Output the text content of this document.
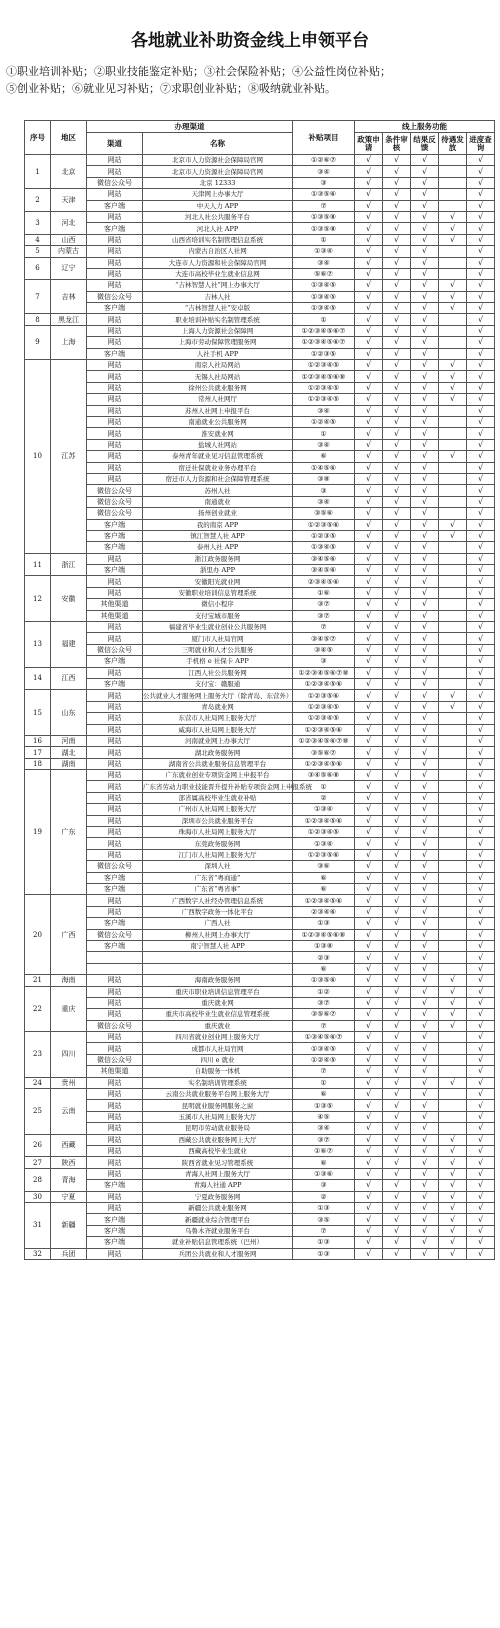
各地就业补助资金线上申领平台
①职业培训补贴；②职业技能鉴定补贴；③社会保险补贴；④公益性岗位补贴；
⑤创业补贴；⑥就业见习补贴；⑦求职创业补贴；⑧吸纳就业补贴。
序号	地区	办理渠道		补贴项目	线上服务功能				
		渠道	名称		政策申请	条件审核	结果反馈	待遇发放	进度查询
1	北京	网站	北京市人力资源社会保障局官网	①②⑥⑦	√	√	√		√
		网站	北京市人力资源社会保障局官网	③④	√	√	√		√
		微信公众号	北京 12333	③	√	√	√		√
2	天津	网站	天津网上办事大厅	①③⑤⑥	√	√	√		√
		客户端	中天人力 APP	⑦	√	√	√		√
3	河北	网站	河北人社公共服务平台	①③⑤⑧	√	√	√	√	√
		客户端	河北人社 APP	①③⑤⑧	√	√	√	√	√
4	山西	网站	山西省培训实名制管理信息系统	①	√	√	√	√	√
5	内蒙古	网站	内蒙古自治区人社网	①③④	√	√	√		√
6	辽宁	网站	大连市人力资源和社会保障局官网	③④	√	√	√		√
		网站	大连市高校毕业生就业信息网	⑤⑥⑦	√	√	√		√
7	吉林	网站	“吉林智慧人社”网上办事大厅	①③④⑤	√	√	√	√	√
		微信公众号	吉林人社	①③④⑤	√	√	√	√	√
		客户端	“吉林智慧人社”安卓版	①③④⑤	√	√	√	√	√
8	黑龙江	网站	职业培训补贴实名制管理系统	①	√	√	√		√
9	上海	网站	上海人力资源社会保障网	①②③④⑤⑥⑦	√	√	√		√
		网站	上海市劳动保障管理服务网	①②③④⑤⑥⑦	√	√	√		√
		客户端	人社手机 APP	①②③⑤	√	√	√		√
10	江苏	网站	南京人社局网站	①②③④⑤	√	√	√	√	√
		网站	无锡人社局网站	①②③④⑤⑥⑧	√	√	√	√	√
		网站	徐州公共就业服务网	①②③④⑤	√	√	√	√	√
		网站	常州人社网厅	①②③④⑤	√	√	√	√	√
		网站	苏州人社网上申报平台	③④	√	√	√		√
		网站	南通就业公共服务网	①②④⑤	√	√	√		√
		网站	淮安就业网	①	√	√	√		√
		网站	盐城人社网站	③④	√	√	√		√
		网站	泰州青年就业见习信息管理系统	⑥	√	√	√	√	√
		网站	宿迁社保就业业务办理平台	①④⑤⑥	√	√	√		√
		网站	宿迁市人力资源和社会保障管理系统	③⑧	√	√	√		√
		微信公众号	苏州人社	③	√	√	√		√
		微信公众号	南通就业	③④	√	√	√		√
		微信公众号	扬州创业就业	③⑤⑥	√	√	√		√
		客户端	我的南京 APP	①②③⑤⑥	√	√	√	√	√
		客户端	镇江智慧人社 APP	①②③⑤	√	√	√	√	√
		客户端	泰州人社 APP	①③④⑤	√	√	√		√
11	浙江	网站	浙江政务服务网	③④⑤⑥	√	√	√		√
		客户端	浙里办 APP	③④⑤⑥	√	√	√		√
12	安徽	网站	安徽阳光就业网	②③④⑤⑥	√	√	√		√
		网站	安徽职业培训信息管理系统	①⑥	√	√	√		√
		其他渠道	微信小程序	③⑦	√	√	√		√
		其他渠道	支付宝城市服务	③⑦	√	√	√		√
13	福建	网站	福建省毕业生就业创业公共服务网	⑦	√	√	√		√
		网站	厦门市人社局官网	③④⑤⑦	√	√	√		√
		微信公众号	三明就业和人才公共服务	③④⑤	√	√	√		√
		客户端	手机格 e 社保卡 APP	③	√	√	√		√
14	江西	网站	江西人社公共服务网	①②③④⑤⑥⑦⑧	√	√	√		√
		客户端	支付宝：赣服通	①②③④⑤⑥	√	√	√		√
15	山东	网站	公共就业人才服务网上服务大厅（除青岛、东营外）	①②③⑤⑥	√	√	√	√	√
		网站	青岛就业网	①②③④⑤	√	√	√	√	√
		网站	东营市人社局网上服务大厅	①②③④⑤	√	√	√		√
		网站	威海市人社局网上服务大厅	①②③④⑤⑥	√	√	√		√
16	河南	网站	河南就业网上办事大厅	①②③④⑤⑥⑦⑧	√	√	√		√
17	湖北	网站	湖北政务服务网	③⑤⑥⑦	√	√	√		√
18	湖南	网站	湖南省公共就业服务信息管理平台	①②③④⑤⑥	√	√	√		√
19	广东	网站	广东就业创业专项资金网上申报平台	③④⑤⑥⑧	√	√	√		√
		网站	广东省劳动力职业技能晋升提升补贴专项资金网上申报系统	①	√	√	√		√
		网站	部省属高校毕业生就业补贴	②	√	√	√		√
		网站	广州市人社局网上服务大厅	①③④	√	√	√		√
		网站	深圳市公共就业服务平台	①②③④⑤⑥	√	√	√		√
		网站	珠海市人社局网上服务大厅	①②③④⑤	√	√	√		√
		网站	东莞政务服务网	①③④	√	√	√		√
		网站	江门市人社局网上服务大厅	①②③⑤⑥	√	√	√		√
		微信公众号	深圳人社	③⑥	√	√	√		√
		客户端	广东省“粤商通”	⑥	√	√	√		√
		客户端	广东省“粤省事”	⑥	√	√	√		√
20	广西	网站	广西数字人社经办管理信息系统	①②③④⑤⑥	√	√	√		√
		网站	广西数字政务一体化平台	②③④⑥	√	√	√		√
		客户端	广西人社	①③	√	√	√		√
		微信公众号	柳州人社网上办事大厅	①②③④⑤⑥⑧	√	√	√		√
		客户端	南宁智慧人社 APP	①③⑧	√	√	√		√
				②③	√	√	√		√
				⑥	√	√	√		√
21	海南	网站	海南政务服务网	①③⑤⑥	√	√	√	√	√
22	重庆	网站	重庆市职业培训信息管理平台	①②	√	√	√	√	√
		网站	重庆就业网	③⑦	√	√	√	√	√
		网站	重庆市高校毕业生就业信息管理系统	③⑤⑥⑦	√	√	√	√	√
		微信公众号	重庆就业	⑦	√	√	√	√	√
23	四川	网站	四川省就业创业网上服务大厅	①③④⑤⑥⑦	√	√	√		√
		网站	成都市人社局官网	①③④⑤	√	√	√		√
		微信公众号	四川 e 就业	①②④⑤	√	√	√		√
		其他渠道	自助服务一体机	⑦	√	√	√		√
24	贵州	网站	实名制培训管理系统	①	√	√	√	√	√
25	云南	网站	云南公共就业服务平台网上服务大厅	⑥	√	√	√		√
		网站	昆明就业服务网服务之窗	①③⑤	√	√	√		√
		网站	玉溪市人社局网上服务大厅	④⑤	√	√	√		√
		网站	昆明市劳动就业服务局	③④	√	√	√		√
26	西藏	网站	西藏公共就业服务网上大厅	③⑦	√	√	√	√	√
		网站	西藏高校毕业生就业	①⑥⑦	√	√	√	√	√
27	陕西	网站	陕西省就业见习管理系统	⑥	√	√	√	√	√
28	青海	网站	青海人社网上服务大厅	①③⑥	√	√	√	√	√
		客户端	青海人社通 APP	③	√	√	√	√	√
30	宁夏	网站	宁夏政务服务网	②	√	√	√	√	√
31	新疆	网站	新疆公共就业服务网	①③	√	√	√	√	√
		客户端	新疆就业综合管理平台	③⑤	√	√	√	√	√
		客户端	乌鲁木齐就业服务平台	⑦	√	√	√	√	√
		客户端	就业补贴信息管理系统（巴州）	①③	√	√	√	√	√
32	兵团	网站	兵团公共就业和人才服务网	①③	√	√	√	√	√
